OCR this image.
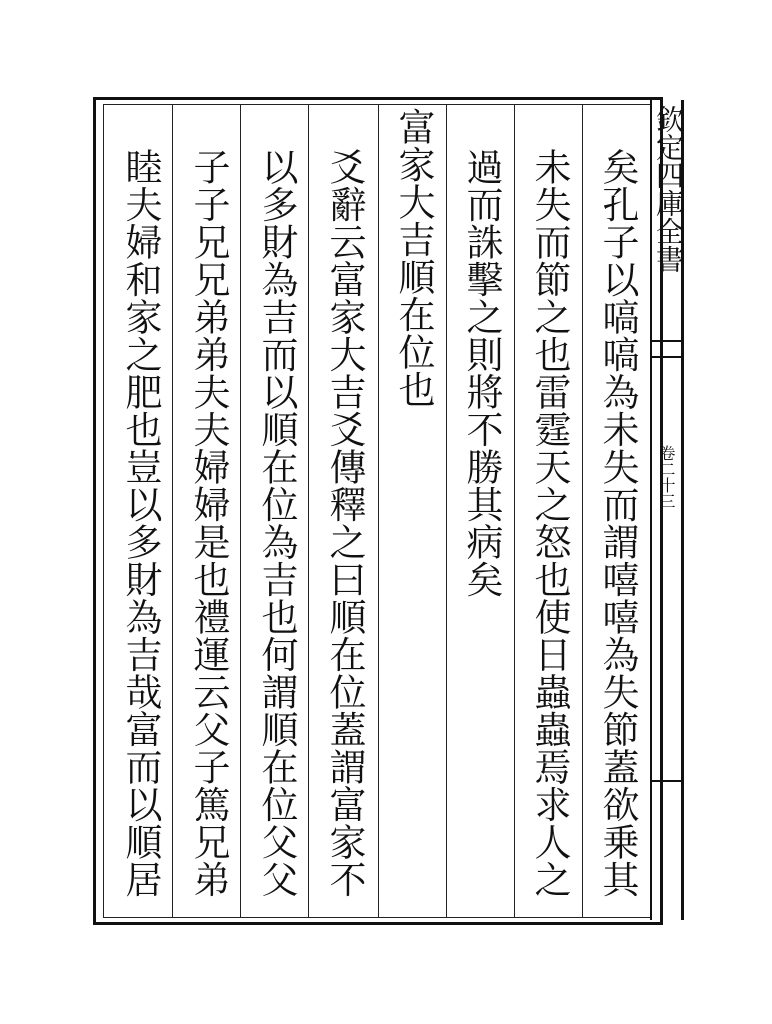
矣孔子以嗃嗃為未失而謂嘻嘻為失節蓋欲乗其
未失而節之也雷霆天之怒也使日蟲蟲焉求人之
過而誅擊之則將不勝其病矣
富家大吉順在位也
爻辭云富家大吉爻傳釋之曰順在位蓋謂富家不
以多財為吉而以順在位為吉也何謂順在位父父
子子兄兄弟弟夫夫婦婦是也禮運云父子篤兄弟
睦夫婦和家之肥也豈以多財為吉哉富而以順居	欽定四庫全書
卷二十三
